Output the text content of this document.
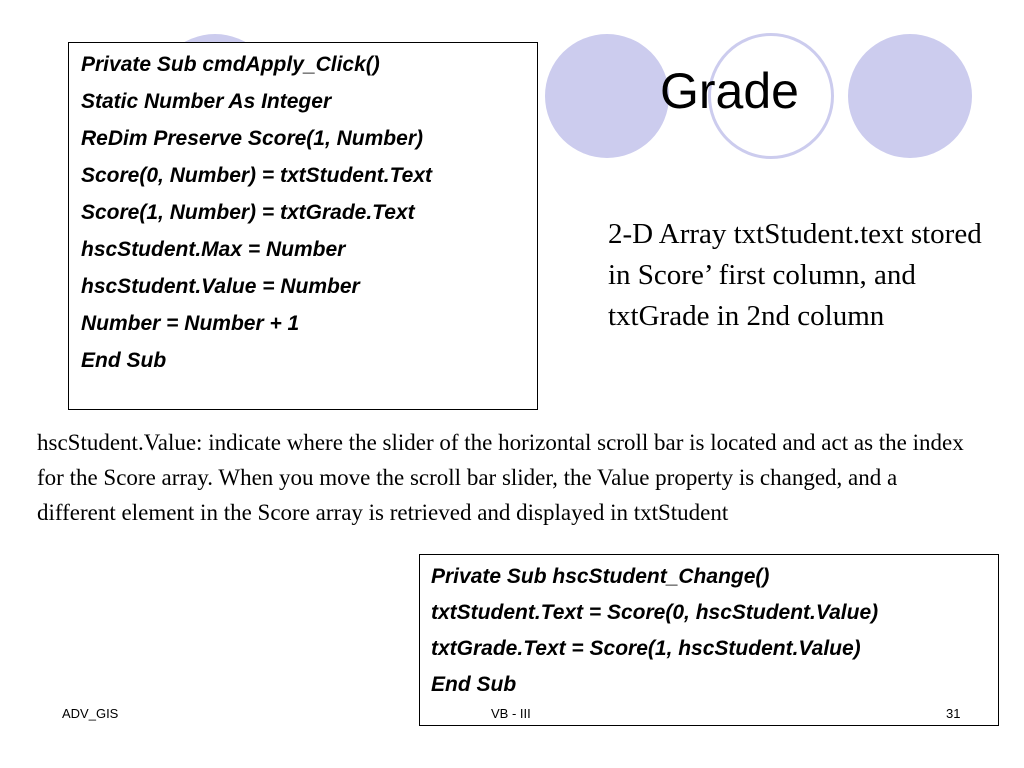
Grade
Private Sub cmdApply_Click()
Static Number As Integer
ReDim Preserve Score(1, Number)
Score(0, Number) = txtStudent.Text
Score(1, Number) = txtGrade.Text
hscStudent.Max = Number
hscStudent.Value = Number
Number = Number + 1
End Sub
2-D Array txtStudent.text stored in Score’ first column, and txtGrade in 2nd column
hscStudent.Value: indicate where the slider of the horizontal scroll bar is located and act as the index for the Score array. When you move the scroll bar slider, the Value property is changed, and a different element in the Score array is retrieved and displayed in txtStudent
Private Sub hscStudent_Change()
txtStudent.Text = Score(0, hscStudent.Value)
txtGrade.Text = Score(1, hscStudent.Value)
End Sub
ADV_GIS	VB - III	31
